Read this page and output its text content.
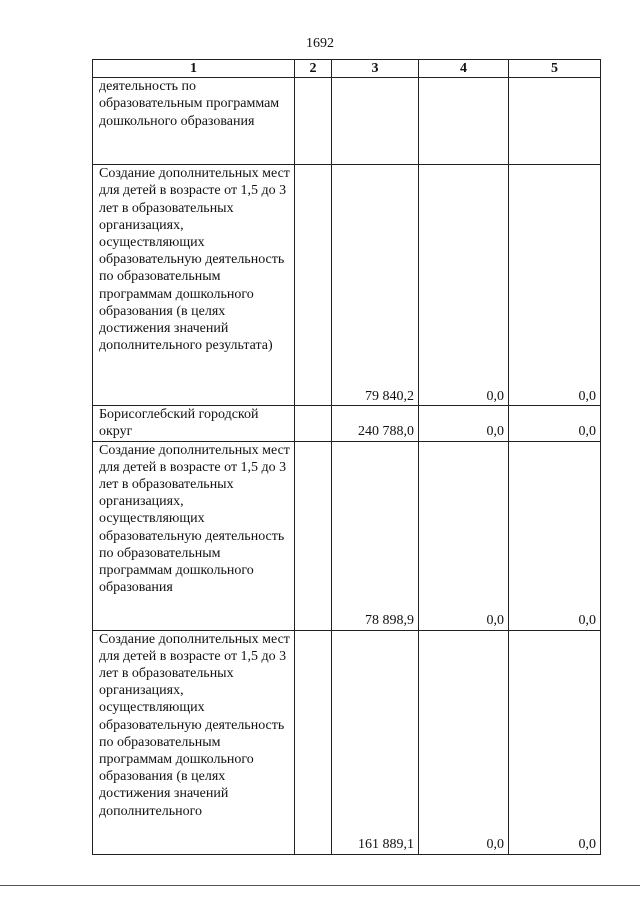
1692
1	2	3	4	5
деятельность по образовательным программам дошкольного образования				
Создание дополнительных мест для детей в возрасте от 1,5 до 3 лет в образовательных организациях, осуществляющих образовательную деятельность по образовательным программам дошкольного образования (в целях достижения значений дополнительного результата)		79 840,2	0,0	0,0
Борисоглебский городской округ		240 788,0	0,0	0,0
Создание дополнительных мест для детей в возрасте от 1,5 до 3 лет в образовательных организациях, осуществляющих образовательную деятельность по образовательным программам дошкольного образования		78 898,9	0,0	0,0
Создание дополнительных мест для детей в возрасте от 1,5 до 3 лет в образовательных организациях, осуществляющих образовательную деятельность по образовательным программам дошкольного образования (в целях достижения значений дополнительного		161 889,1	0,0	0,0
